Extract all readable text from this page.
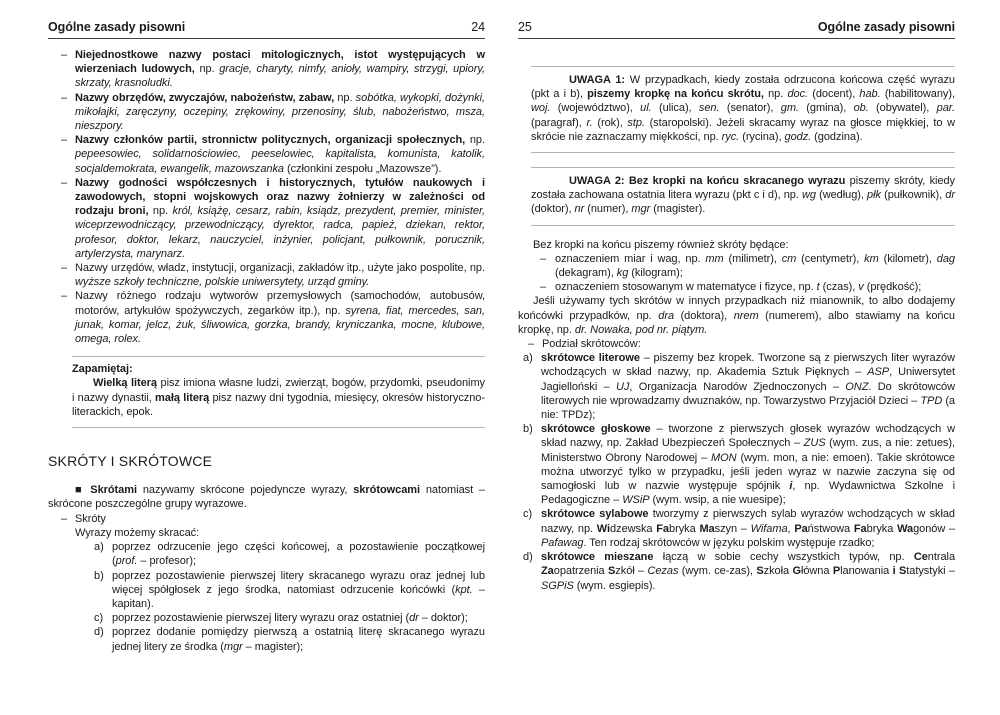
Ogólne zasady pisowni	24

– Niejednostkowe nazwy postaci mitologicznych, istot występujących w wierzeniach ludowych, np. gracje, charyty, nimfy, anioły, wampiry, strzygi, upiory, skrzaty, krasnoludki.

– Nazwy obrzędów, zwyczajów, nabożeństw, zabaw, np. sobótka, wykopki, dożynki, mikołajki, zaręczyny, oczepiny, zrękowiny, przenosiny, ślub, nabożeństwo, msza, nieszpory.

– Nazwy członków partii, stronnictw politycznych, organizacji społecznych, np. pepeesowiec, solidarnościowiec, peeselowiec, kapitalista, komunista, katolik, socjaldemokrata, ewangelik, mazowszanka (członkini zespołu „Mazowsze”).

– Nazwy godności współczesnych i historycznych, tytułów naukowych i zawodowych, stopni wojskowych oraz nazwy żołnierzy w zależności od rodzaju broni, np. król, książę, cesarz, rabin, ksiądz, prezydent, premier, minister, wiceprzewodniczący, przewodniczący, dyrektor, radca, papież, dziekan, rektor, profesor, doktor, lekarz, nauczyciel, inżynier, policjant, pułkownik, porucznik, artylerzysta, marynarz.

– Nazwy urzędów, władz, instytucji, organizacji, zakładów itp., użyte jako pospolite, np. wyższe szkoły techniczne, polskie uniwersytety, urząd gminy.

– Nazwy różnego rodzaju wytworów przemysłowych (samochodów, autobusów, motorów, artykułów spożywczych, zegarków itp.), np. syrena, fiat, mercedes, san, junak, komar, jelcz, żuk, śliwowica, gorzka, brandy, kryniczanka, mocne, klubowe, omega, rolex.

Zapamiętaj:

Wielką literą pisz imiona własne ludzi, zwierząt, bogów, przydomki, pseudonimy i nazwy dynastii, małą literą pisz nazwy dni tygodnia, miesięcy, okresów historyczno-literackich, epok.

SKRÓTY I SKRÓTOWCE

■ Skrótami nazywamy skrócone pojedyncze wyrazy, skrótowcami natomiast – skrócone poszczególne grupy wyrazowe.

– Skróty

Wyrazy możemy skracać:

a) poprzez odrzucenie jego części końcowej, a pozostawienie początkowej (prof. – profesor);

b) poprzez pozostawienie pierwszej litery skracanego wyrazu oraz jednej lub więcej spółgłosek z jego środka, natomiast odrzucenie końcówki (kpt. – kapitan).

c) poprzez pozostawienie pierwszej litery wyrazu oraz ostatniej (dr – doktor);

d) poprzez dodanie pomiędzy pierwszą a ostatnią literę skracanego wyrazu jednej litery ze środka (mgr – magister);

25	Ogólne zasady pisowni

UWAGA 1: W przypadkach, kiedy została odrzucona końcowa część wyrazu (pkt a i b), piszemy kropkę na końcu skrótu, np. doc. (docent), hab. (habilitowany), woj. (województwo), ul. (ulica), sen. (senator), gm. (gmina), ob. (obywatel), par. (paragraf), r. (rok), stp. (staropolski). Jeżeli skracamy wyraz na głosce miękkiej, to w skrócie nie zaznaczamy miękkości, np. ryc. (rycina), godz. (godzina).

UWAGA 2: Bez kropki na końcu skracanego wyrazu piszemy skróty, kiedy została zachowana ostatnia litera wyrazu (pkt c i d), np. wg (według), płk (pułkownik), dr (doktor), nr (numer), mgr (magister).

Bez kropki na końcu piszemy również skróty będące:

– oznaczeniem miar i wag, np. mm (milimetr), cm (centymetr), km (kilometr), dag (dekagram), kg (kilogram);

– oznaczeniem stosowanym w matematyce i fizyce, np. t (czas), v (prędkość);

Jeśli używamy tych skrótów w innych przypadkach niż mianownik, to albo dodajemy końcówki przypadków, np. dra (doktora), nrem (numerem), albo stawiamy na końcu kropkę, np. dr. Nowaka, pod nr. piątym.

– Podział skrótowców:

a) skrótowce literowe – piszemy bez kropek. Tworzone są z pierwszych liter wyrazów wchodzących w skład nazwy, np. Akademia Sztuk Pięknych – ASP, Uniwersytet Jagielloński – UJ, Organizacja Narodów Zjednoczonych – ONZ. Do skrótowców literowych nie wprowadzamy dwuznaków, np. Towarzystwo Przyjaciół Dzieci – TPD (a nie: TPDz);

b) skrótowce głoskowe – tworzone z pierwszych głosek wyrazów wchodzących w skład nazwy, np. Zakład Ubezpieczeń Społecznych – ZUS (wym. zus, a nie: zetues), Ministerstwo Obrony Narodowej – MON (wym. mon, a nie: emoen). Takie skrótowce można utworzyć tylko w przypadku, jeśli jeden wyraz w nazwie zaczyna się od samogłoski lub w nazwie występuje spójnik i, np. Wydawnictwa Szkolne i Pedagogiczne – WSiP (wym. wsip, a nie wuesipe);

c) skrótowce sylabowe tworzymy z pierwszych sylab wyrazów wchodzących w skład nazwy, np. Widzewska Fabryka Maszyn – Wifama, Państwowa Fabryka Wagonów – Pafawag. Ten rodzaj skrótowców w języku polskim występuje rzadko;

d) skrótowce mieszane łączą w sobie cechy wszystkich typów, np. Centrala Zaopatrzenia Szkół – Cezas (wym. ce-zas), Szkoła Główna Planowania i Statystyki – SGPiS (wym. esgiepis).
